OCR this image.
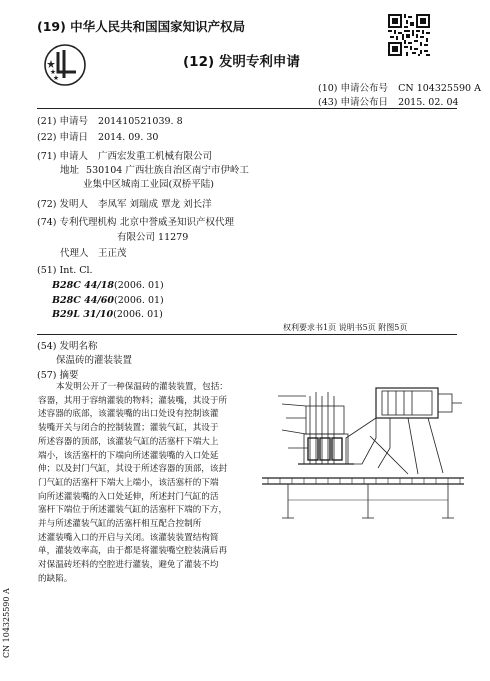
(19) 中华人民共和国国家知识产权局
(12) 发明专利申请
(10) 申请公布号 CN 104325590 A
(43) 申请公布日 2015. 02. 04
(21) 申请号 201410521039. 8
(22) 申请日 2014. 09. 30
(71) 申请人 广西宏发重工机械有限公司
地址 530104 广西壮族自治区南宁市伊岭工
业集中区城南工业园(双桥平陆)
(72) 发明人 李凤军 刘瑞成 覃龙 刘长洋
(74) 专利代理机构 北京中誉威圣知识产权代理
有限公司 11279
代理人 王正茂
(51) Int. Cl.
B28C 44/18(2006. 01)
B28C 44/60(2006. 01)
B29L 31/10(2006. 01)
权利要求书1页 说明书5页 附图5页
(54) 发明名称
保温砖的灌装装置
(57) 摘要
本发明公开了一种保温砖的灌装装置，包括：
容器，其用于容纳灌装的物料；灌装嘴，其设于所
述容器的底部，该灌装嘴的出口处设有控制该灌
装嘴开关与闭合的控制装置；灌装气缸，其设于
所述容器的顶部，该灌装气缸的活塞杆下端大上
端小，该活塞杆的下端向所述灌装嘴的入口处延
伸；以及封门气缸，其设于所述容器的顶部，该封
门气缸的活塞杆下端大上端小，该活塞杆的下端
向所述灌装嘴的入口处延伸，所述封门气缸的活
塞杆下端位于所述灌装气缸的活塞杆下端的下方，
并与所述灌装气缸的活塞杆相互配合控制所
述灌装嘴入口的开启与关闭。该灌装装置结构简
单，灌装效率高，由于都是将灌装嘴空腔装满后再
对保温砖坯料的空腔进行灌装，避免了灌装不均
的缺陷。
CN 104325590 A
